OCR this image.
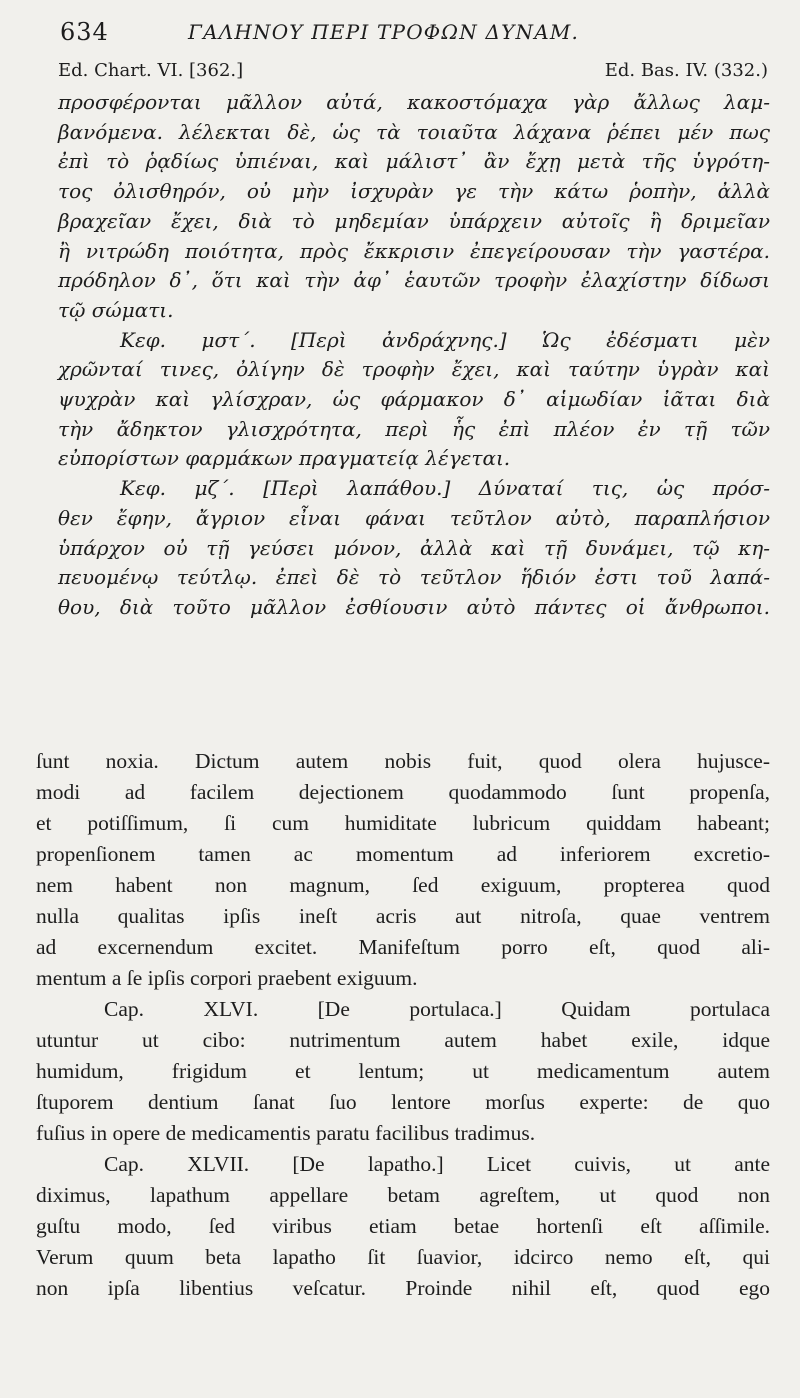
634	ΓΑΛΗΝΟΥ ΠΕΡΙ ΤΡΟΦΩΝ ΔΥΝΑΜ.
Ed. Chart. VI. [362.]	Ed. Bas. IV. (332.)
προσφέρονται μᾶλλον αὐτά, κακοστόμαχα γὰρ ἄλλως λαμ-
βανόμενα. λέλεκται δὲ, ὡς τὰ τοιαῦτα λάχανα ῥέπει μέν πως
ἐπὶ τὸ ῥᾳδίως ὑπιέναι, καὶ μάλιστ᾽ ἂν ἔχῃ μετὰ τῆς ὑγρότη-
τος ὀλισθηρόν, οὐ μὴν ἰσχυρὰν γε τὴν κάτω ῥοπὴν, ἀλλὰ
βραχεῖαν ἔχει, διὰ τὸ μηδεμίαν ὑπάρχειν αὐτοῖς ἢ δριμεῖαν
ἢ νιτρώδη ποιότητα, πρὸς ἔκκρισιν ἐπεγείρουσαν τὴν γαστέρα.
πρόδηλον δ᾽, ὅτι καὶ τὴν ἀφ᾽ ἑαυτῶν τροφὴν ἐλαχίστην δίδωσι
τῷ σώματι.
Κεφ. μστ΄. [Περὶ ἀνδράχνης.] Ὡς ἐδέσματι μὲν
χρῶνταί τινες, ὀλίγην δὲ τροφὴν ἔχει, καὶ ταύτην ὑγρὰν καὶ
ψυχρὰν καὶ γλίσχραν, ὡς φάρμακον δ᾽ αἱμωδίαν ἰᾶται διὰ
τὴν ἄδηκτον γλισχρότητα, περὶ ἧς ἐπὶ πλέον ἐν τῇ τῶν
εὐπορίστων φαρμάκων πραγματείᾳ λέγεται.
Κεφ. μζ΄. [Περὶ λαπάθου.] Δύναταί τις, ὡς πρόσ-
θεν ἔφην, ἄγριον εἶναι φάναι τεῦτλον αὐτὸ, παραπλήσιον
ὑπάρχον οὐ τῇ γεύσει μόνον, ἀλλὰ καὶ τῇ δυνάμει, τῷ κη-
πευομένῳ τεύτλῳ. ἐπεὶ δὲ τὸ τεῦτλον ἥδιόν ἐστι τοῦ λαπά-
θου, διὰ τοῦτο μᾶλλον ἐσθίουσιν αὐτὸ πάντες οἱ ἄνθρωποι.
ſunt noxia. Dictum autem nobis fuit, quod olera hujusce-
modi ad facilem dejectionem quodammodo ſunt propenſa,
et potiſſimum, ſi cum humiditate lubricum quiddam habeant;
propenſionem tamen ac momentum ad inferiorem excretio-
nem habent non magnum, ſed exiguum, propterea quod
nulla qualitas ipſis ineſt acris aut nitroſa, quae ventrem
ad excernendum excitet. Manifeſtum porro eſt, quod ali-
mentum a ſe ipſis corpori praebent exiguum.
Cap. XLVI. [De portulaca.] Quidam portulaca
utuntur ut cibo: nutrimentum autem habet exile, idque
humidum, frigidum et lentum; ut medicamentum autem
ſtuporem dentium ſanat ſuo lentore morſus experte: de quo
fuſius in opere de medicamentis paratu facilibus tradimus.
Cap. XLVII. [De lapatho.] Licet cuivis, ut ante
diximus, lapathum appellare betam agreſtem, ut quod non
guſtu modo, ſed viribus etiam betae hortenſi eſt aſſimile.
Verum quum beta lapatho ſit ſuavior, idcirco nemo eſt, qui
non ipſa libentius veſcatur. Proinde nihil eſt, quod ego
